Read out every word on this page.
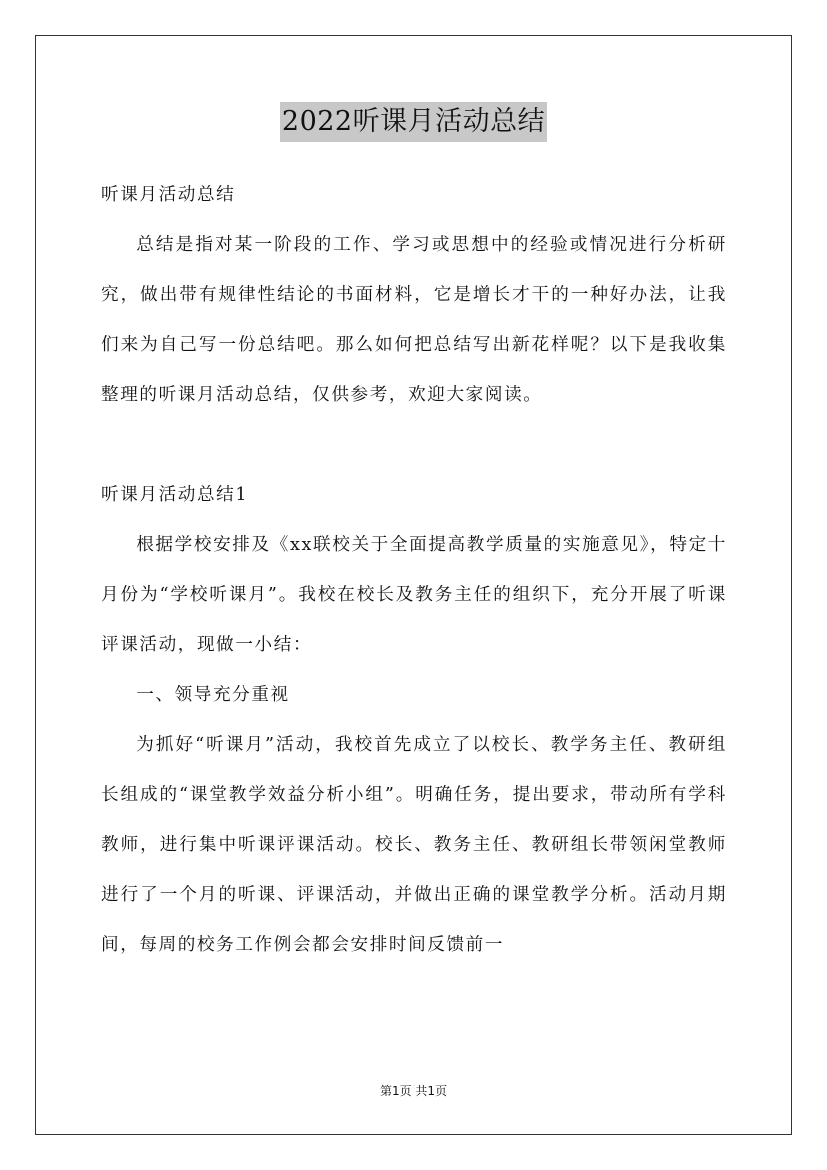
2022听课月活动总结

听课月活动总结

总结是指对某一阶段的工作、学习或思想中的经验或情况进行分析研究，做出带有规律性结论的书面材料，它是增长才干的一种好办法，让我们来为自己写一份总结吧。那么如何把总结写出新花样呢？以下是我收集整理的听课月活动总结，仅供参考，欢迎大家阅读。

听课月活动总结1

根据学校安排及《xx联校关于全面提高教学质量的实施意见》，特定十月份为“学校听课月”。我校在校长及教务主任的组织下，充分开展了听课评课活动，现做一小结：

一、领导充分重视

为抓好“听课月”活动，我校首先成立了以校长、教学务主任、教研组长组成的“课堂教学效益分析小组”。明确任务，提出要求，带动所有学科教师，进行集中听课评课活动。校长、教务主任、教研组长带领闲堂教师进行了一个月的听课、评课活动，并做出正确的课堂教学分析。活动月期间，每周的校务工作例会都会安排时间反馈前一

第1页 共1页
